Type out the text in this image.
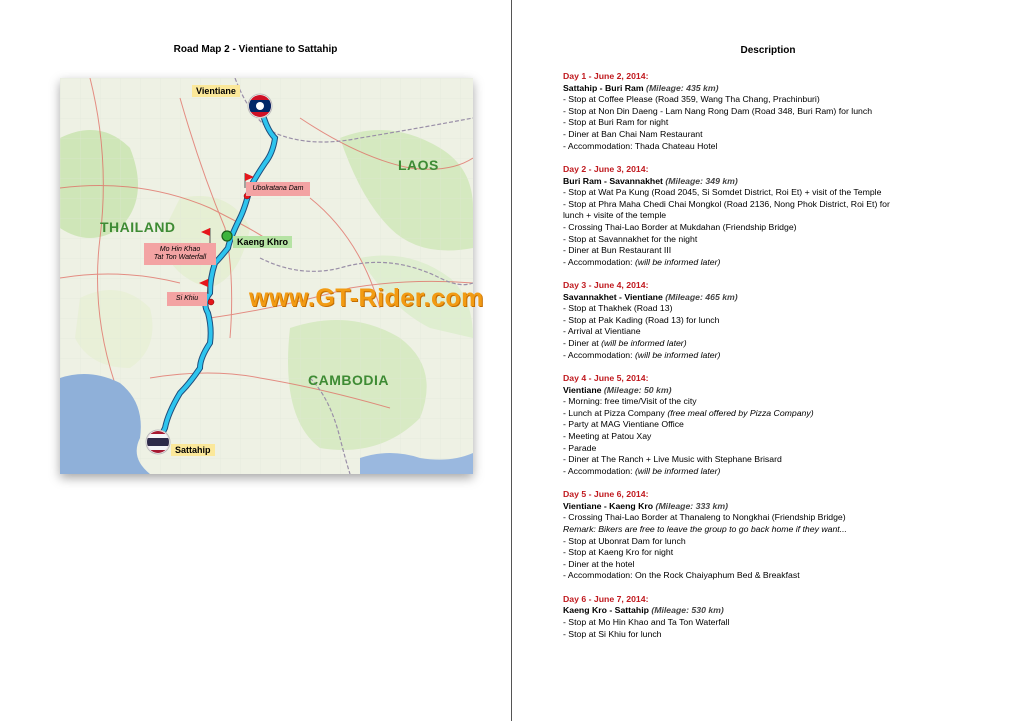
Road Map 2 - Vientiane to Sattahip
THAILAND
LAOS
CAMBODIA
Vientiane
Kaeng Khro
Sattahip
Ubolratana Dam
Mo Hin Khao
Tat Ton Waterfall
Si Khiu	www.GT-Rider.com
Description
Day 1 - June 2, 2014:
Sattahip - Buri Ram (Mileage: 435 km)
- Stop at Coffee Please (Road 359, Wang Tha Chang, Prachinburi)
- Stop at Non Din Daeng - Lam Nang Rong Dam (Road 348, Buri Ram) for lunch
- Stop at Buri Ram for night
- Diner at Ban Chai Nam Restaurant
- Accommodation: Thada Chateau Hotel
Day 2 - June 3, 2014:
Buri Ram - Savannakhet (Mileage: 349 km)
- Stop at Wat Pa Kung (Road 2045, Si Somdet District, Roi Et) + visit of the Temple
- Stop at Phra Maha Chedi Chai Mongkol (Road 2136, Nong Phok District, Roi Et) for
lunch + visite of the temple
- Crossing Thai-Lao Border at Mukdahan (Friendship Bridge)
- Stop at Savannakhet for the night
- Diner at Bun Restaurant III
- Accommodation: (will be informed later)
Day 3 - June 4, 2014:
Savannakhet - Vientiane (Mileage: 465 km)
- Stop at Thakhek (Road 13)
- Stop at Pak Kading (Road 13) for lunch
- Arrival at Vientiane
- Diner at (will be informed later)
- Accommodation: (will be informed later)
Day 4 - June 5, 2014:
Vientiane (Mileage: 50 km)
- Morning: free time/Visit of the city
- Lunch at Pizza Company (free meal offered by Pizza Company)
- Party at MAG Vientiane Office
- Meeting at Patou Xay
- Parade
- Diner at The Ranch + Live Music with Stephane Brisard
- Accommodation: (will be informed later)
Day 5 - June 6, 2014:
Vientiane - Kaeng Kro (Mileage: 333 km)
- Crossing Thai-Lao Border at Thanaleng to Nongkhai (Friendship Bridge)
Remark: Bikers are free to leave the group to go back home if they want...
- Stop at Ubonrat Dam for lunch
- Stop at Kaeng Kro for night
- Diner at the hotel
- Accommodation: On the Rock Chaiyaphum Bed & Breakfast
Day 6 - June 7, 2014:
Kaeng Kro - Sattahip (Mileage: 530 km)
- Stop at Mo Hin Khao and Ta Ton Waterfall
- Stop at Si Khiu for lunch
